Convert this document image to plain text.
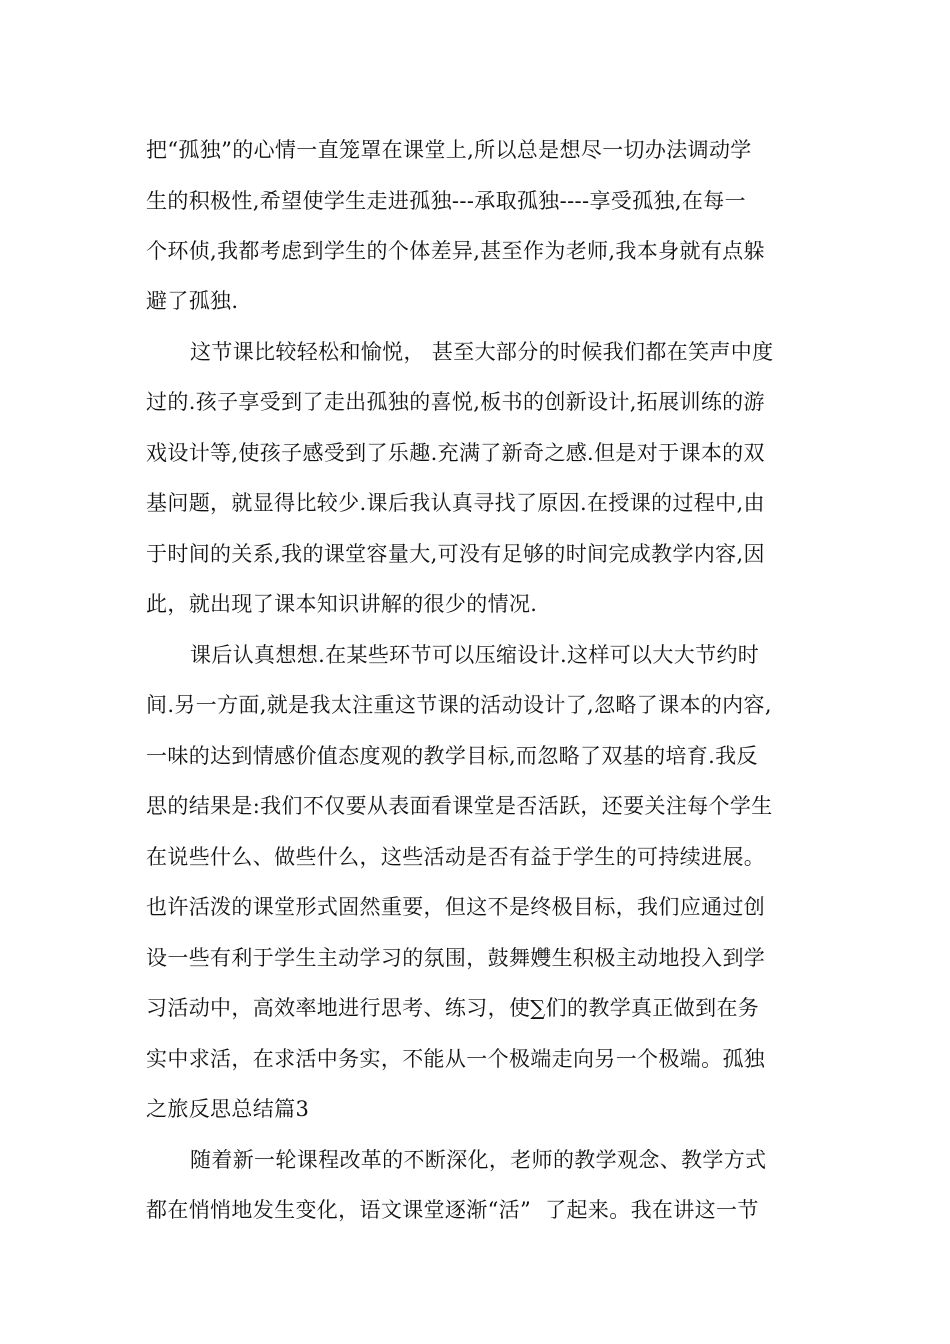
把“孤独”的心情一直笼罩在课堂上,所以总是想尽一切办法调动学
生的积极性,希望使学生走进孤独---承取孤独----享受孤独,在每一
个环侦,我都考虑到学生的个体差异,甚至作为老师,我本身就有点躲
避了孤独.
这节课比较轻松和愉悦， 甚至大部分的时候我们都在笑声中度
过的.孩子享受到了走出孤独的喜悦,板书的创新设计,拓展训练的游
戏设计等,使孩子感受到了乐趣.充满了新奇之感.但是对于课本的双
基问题，就显得比较少.课后我认真寻找了原因.在授课的过程中,由
于时间的关系,我的课堂容量大,可没有足够的时间完成教学内容,因
此，就出现了课本知识讲解的很少的情况.
课后认真想想.在某些环节可以压缩设计.这样可以大大节约时
间.另一方面,就是我太注重这节课的活动设计了,忽略了课本的内容,
一味的达到情感价值态度观的教学目标,而忽略了双基的培育.我反
思的结果是:我们不仅要从表面看课堂是否活跃，还要关注每个学生
在说些什么、做些什么，这些活动是否有益于学生的可持续进展。
也许活泼的课堂形式固然重要，但这不是终极目标，我们应通过创
设一些有利于学生主动学习的氛围，鼓舞孇生积极主动地投入到学
习活动中，高效率地进行思考、练习，使∑们的教学真正做到在务
实中求活，在求活中务实，不能从一个极端走向另一个极端。孤独
之旅反思总结篇3
随着新一轮课程改革的不断深化，老师的教学观念、教学方式
都在悄悄地发生变化，语文课堂逐渐“活”  了起来。我在讲这一节
